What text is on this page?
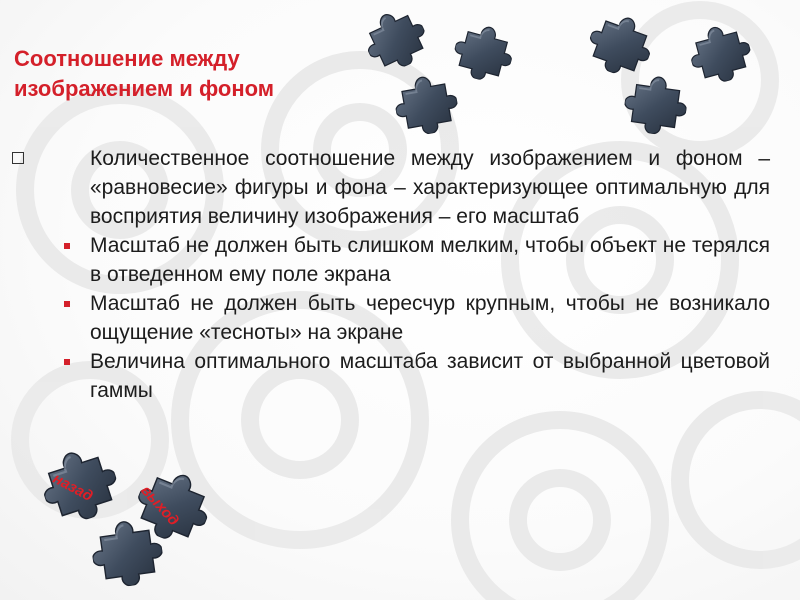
Соотношение между изображением и фоном
Количественное соотношение между изображением и фоном – «равновесие» фигуры и фона – характеризующее оптимальную для восприятия величину изображения – его масштаб
Масштаб не должен быть слишком мелким, чтобы объект не терялся в отведенном ему поле экрана
Масштаб не должен быть чересчур крупным, чтобы не возникало ощущение «тесноты» на экране
Величина оптимального масштаба зависит от выбранной цветовой гаммы
назад	выход
